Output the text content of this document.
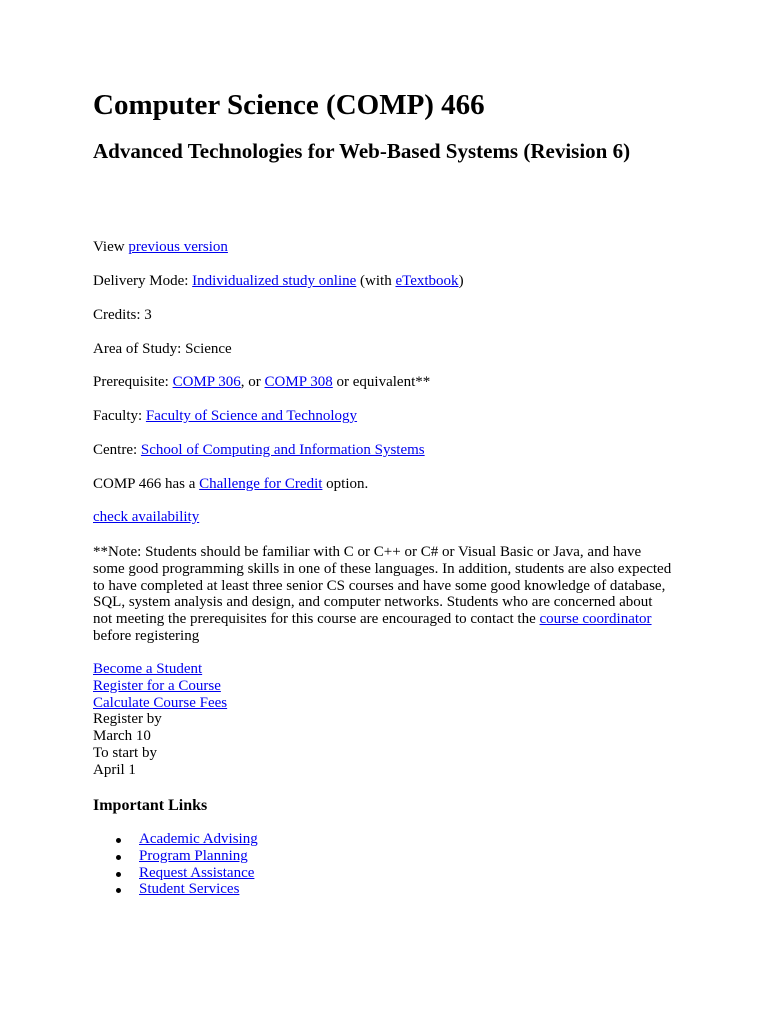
Computer Science (COMP) 466
Advanced Technologies for Web-Based Systems (Revision 6)
View previous version
Delivery Mode: Individualized study online (with eTextbook)
Credits: 3
Area of Study: Science
Prerequisite: COMP 306, or COMP 308 or equivalent**
Faculty: Faculty of Science and Technology
Centre: School of Computing and Information Systems
COMP 466 has a Challenge for Credit option.
check availability
**Note: Students should be familiar with C or C++ or C# or Visual Basic or Java, and have some good programming skills in one of these languages. In addition, students are also expected to have completed at least three senior CS courses and have some good knowledge of database, SQL, system analysis and design, and computer networks. Students who are concerned about not meeting the prerequisites for this course are encouraged to contact the course coordinator before registering
Become a Student
Register for a Course
Calculate Course Fees
Register by
March 10
To start by
April 1
Important Links
Academic Advising
Program Planning
Request Assistance
Student Services
